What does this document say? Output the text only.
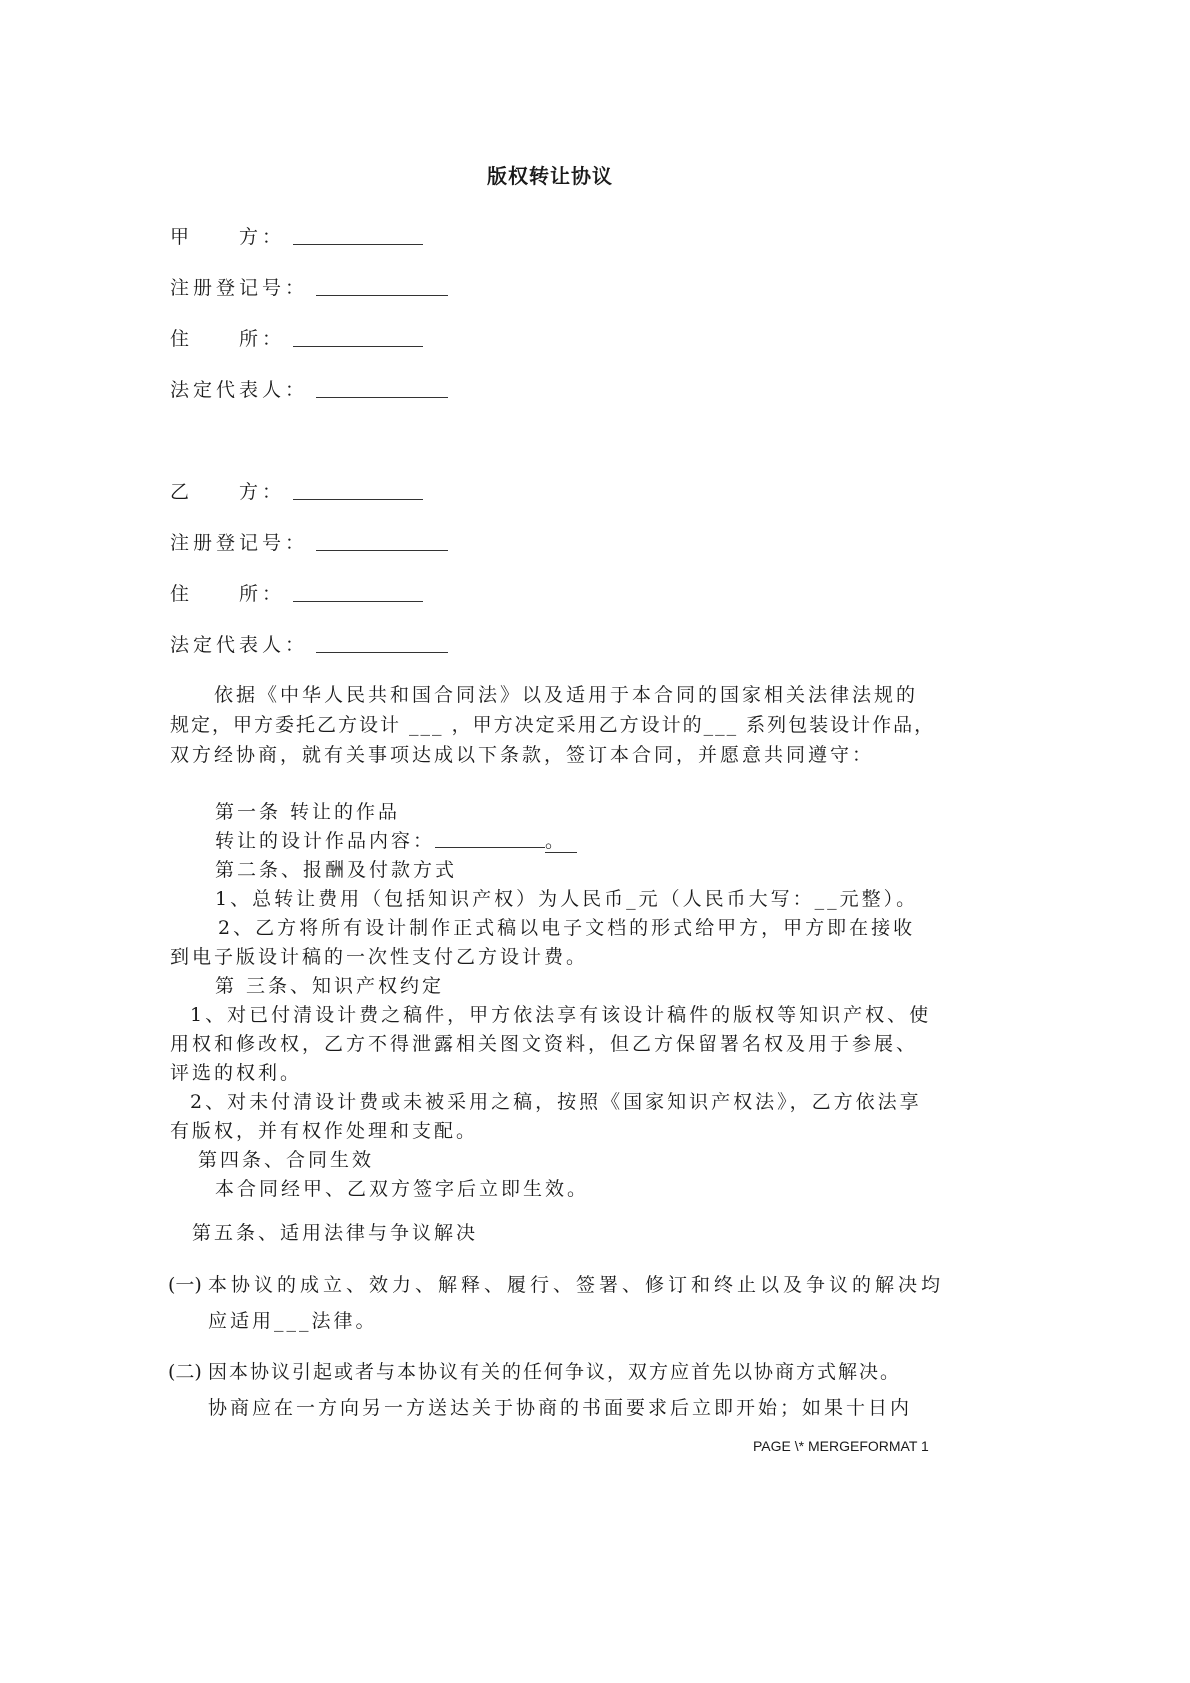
版权转让协议
甲　　方：
注册登记号：
住　　所：
法定代表人：
乙　　方：
注册登记号：
住　　所：
法定代表人：
　　依据《中华人民共和国合同法》以及适用于本合同的国家相关法律法规的
规定，甲方委托乙方设计 ___ ，甲方决定采用乙方设计的___ 系列包装设计作品，
双方经协商，就有关事项达成以下条款，签订本合同，并愿意共同遵守：
第一条 转让的作品
转让的设计作品内容：	。
第二条、报酬及付款方式
1、总转让费用（包括知识产权）为人民币_元（人民币大写：__元整）。
2、乙方将所有设计制作正式稿以电子文档的形式给甲方，甲方即在接收
到电子版设计稿的一次性支付乙方设计费。
第 三条、知识产权约定
1、对已付清设计费之稿件，甲方依法享有该设计稿件的版权等知识产权、使
用权和修改权，乙方不得泄露相关图文资料，但乙方保留署名权及用于参展、
评选的权利。
2、对未付清设计费或未被采用之稿，按照《国家知识产权法》，乙方依法享
有版权，并有权作处理和支配。
第四条、合同生效
本合同经甲、乙双方签字后立即生效。
第五条、适用法律与争议解决
(一) 本协议的成立、效力、解释、履行、签署、修订和终止以及争议的解决均
应适用___法律。
(二) 因本协议引起或者与本协议有关的任何争议，双方应首先以协商方式解决。
协商应在一方向另一方送达关于协商的书面要求后立即开始；如果十日内
PAGE \* MERGEFORMAT 1
